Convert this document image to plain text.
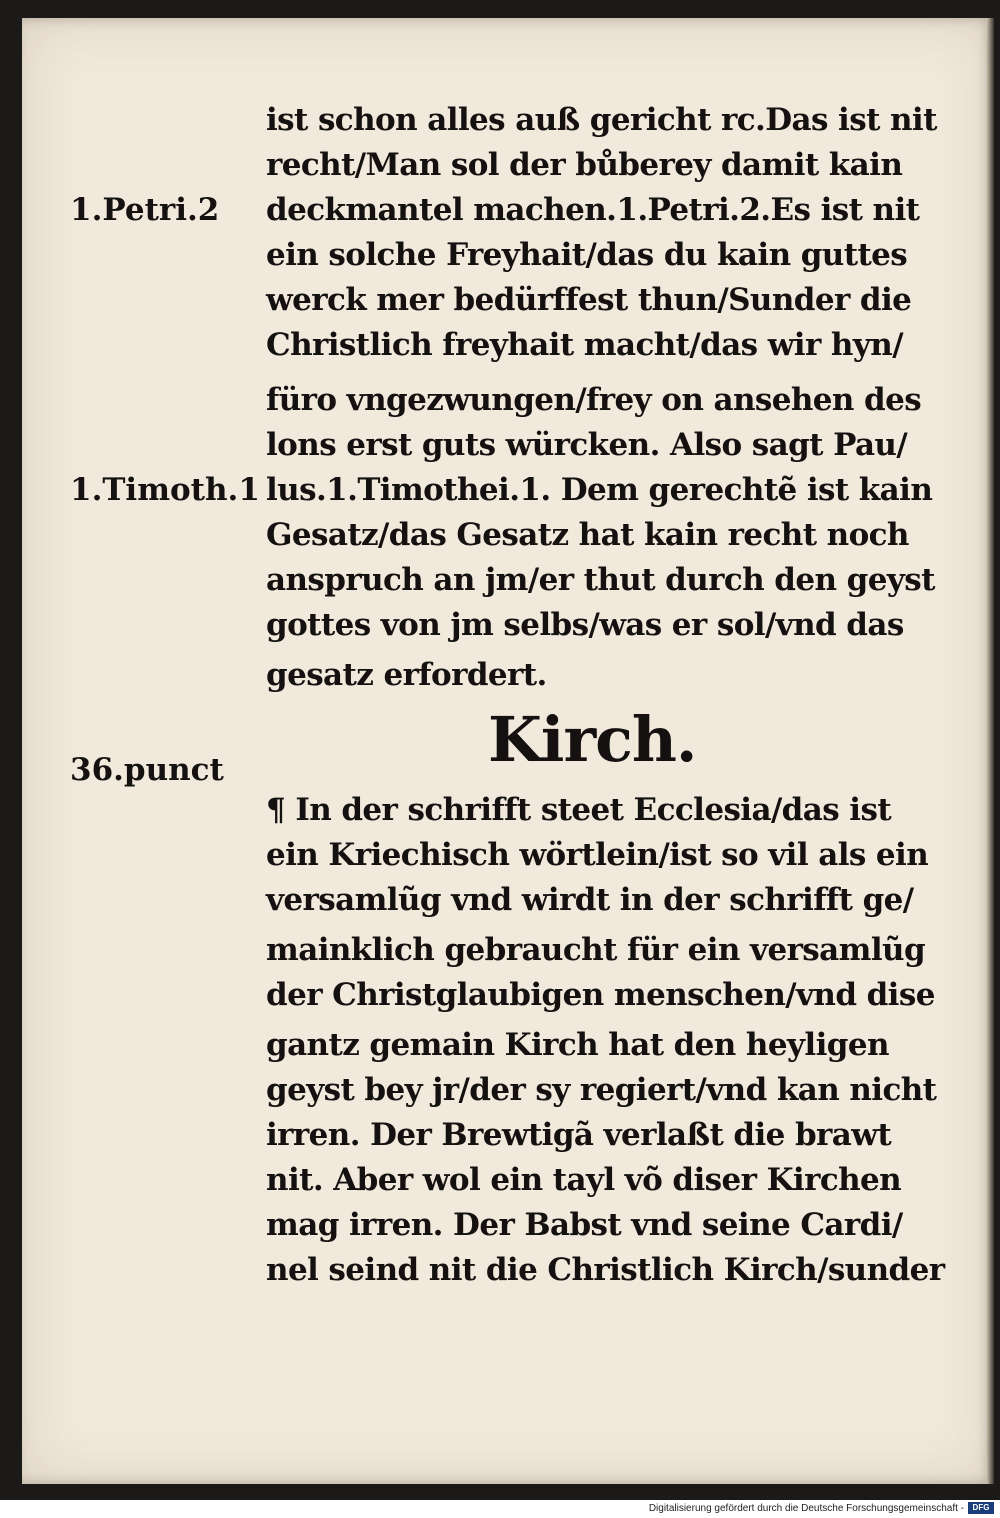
1.Petri.2
1.Timoth.1
36.punct
ist schon alles auß gericht rc.Das ist nit
recht/Man sol der bůberey damit kain
deckmantel machen.1.Petri.2.Es ist nit
ein solche Freyhait/das du kain guttes
werck mer bedürffest thun/Sunder die
Christlich freyhait macht/das wir hyn/
füro vngezwungen/frey on ansehen des
lons erst guts würcken. Also sagt Pau/
lus.1.Timothei.1. Dem gerechtẽ ist kain
Gesatz/das Gesatz hat kain recht noch
anspruch an jm/er thut durch den geyst
gottes von jm selbs/was er sol/vnd das
gesatz erfordert.
Kirch.
¶ In der schrifft steet Ecclesia/das ist
ein Kriechisch wörtlein/ist so vil als ein
versamlũg vnd wirdt in der schrifft ge/
mainklich gebraucht für ein versamlũg
der Christglaubigen menschen/vnd dise
gantz gemain Kirch hat den heyligen
geyst bey jr/der sy regiert/vnd kan nicht
irren. Der Brewtigã verlaßt die brawt
nit. Aber wol ein tayl võ diser Kirchen
mag irren. Der Babst vnd seine Cardi/
nel seind nit die Christlich Kirch/sunder
Digitalisierung gefördert durch die Deutsche Forschungsgemeinschaft -	DFG
